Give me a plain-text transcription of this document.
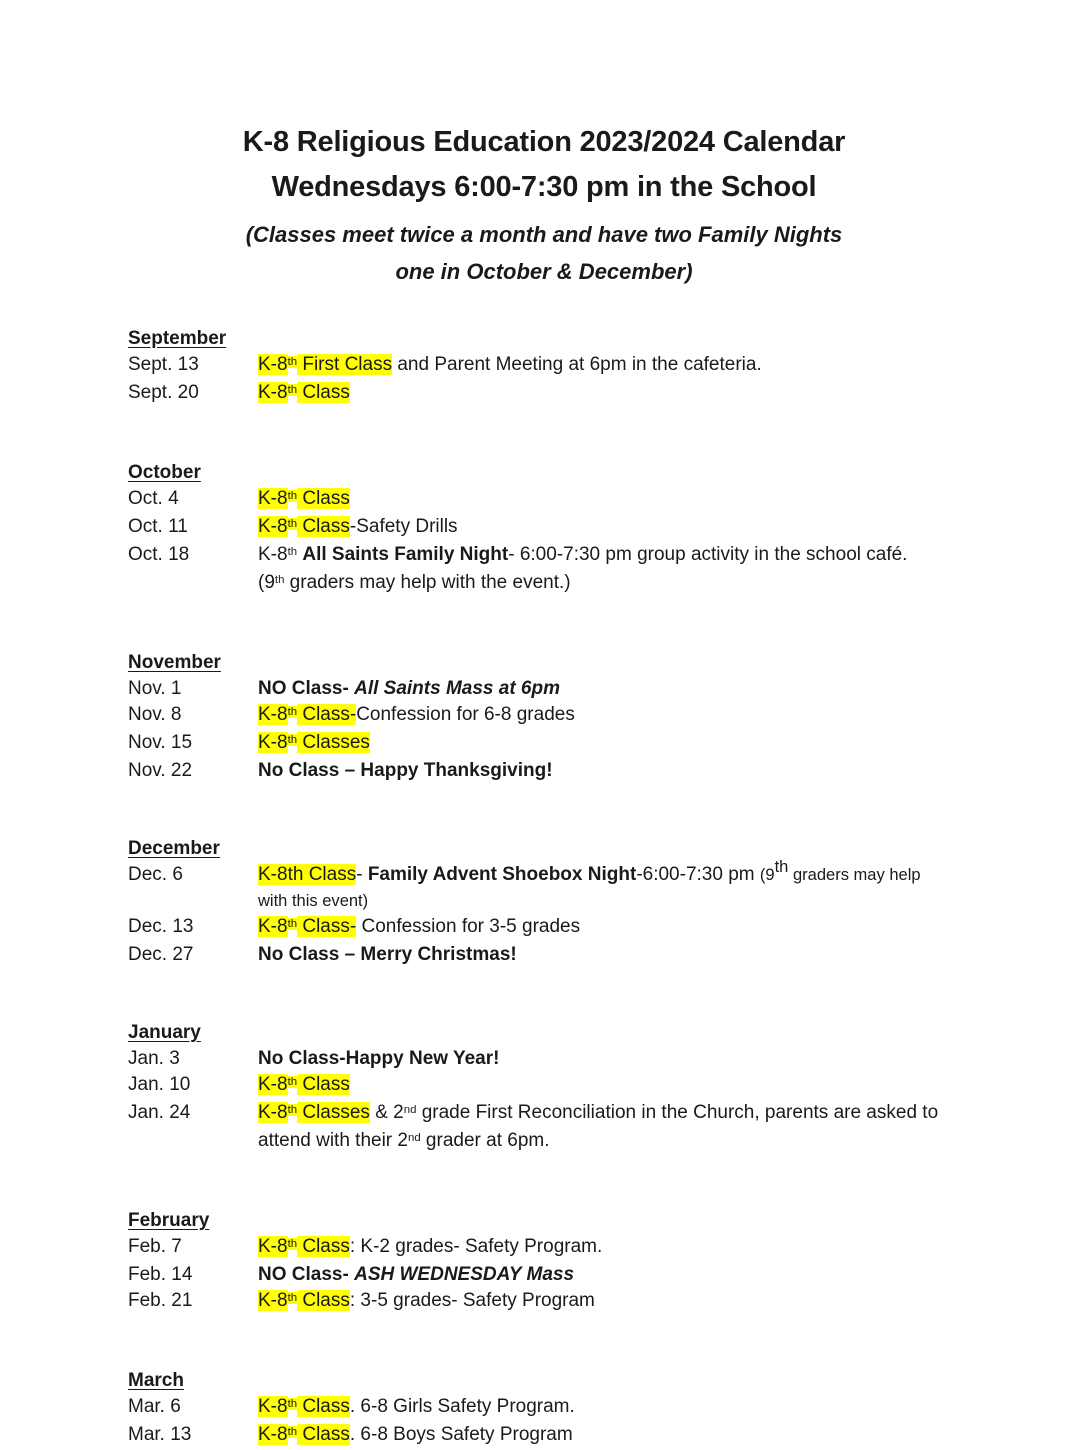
K-8 Religious Education 2023/2024 Calendar
Wednesdays 6:00-7:30 pm in the School
(Classes meet twice a month and have two Family Nights
one in October & December)
September
Sept. 13	K-8th First Class and Parent Meeting at 6pm in the cafeteria.
Sept. 20	K-8th Class
October
Oct. 4	K-8th Class
Oct. 11	K-8th Class-Safety Drills
Oct. 18	K-8th All Saints Family Night- 6:00-7:30 pm group activity in the school café.
(9th graders may help with the event.)
November
Nov. 1	NO Class- All Saints Mass at 6pm
Nov. 8	K-8th Class-Confession for 6-8 grades
Nov. 15	K-8th Classes
Nov. 22	No Class – Happy Thanksgiving!
December
Dec. 6	K-8th Class- Family Advent Shoebox Night-6:00-7:30 pm (9th graders may help
with this event)
Dec. 13	K-8th Class- Confession for 3-5 grades
Dec. 27	No Class – Merry Christmas!
January
Jan. 3	No Class-Happy New Year!
Jan. 10	K-8th Class
Jan. 24	K-8th Classes & 2nd grade First Reconciliation in the Church, parents are asked to
attend with their 2nd grader at 6pm.
February
Feb. 7	K-8th Class: K-2 grades- Safety Program.
Feb. 14	NO Class- ASH WEDNESDAY Mass
Feb. 21	K-8th Class: 3-5 grades- Safety Program
March
Mar. 6	K-8th Class. 6-8 Girls Safety Program.
Mar. 13	K-8th Class. 6-8 Boys Safety Program
